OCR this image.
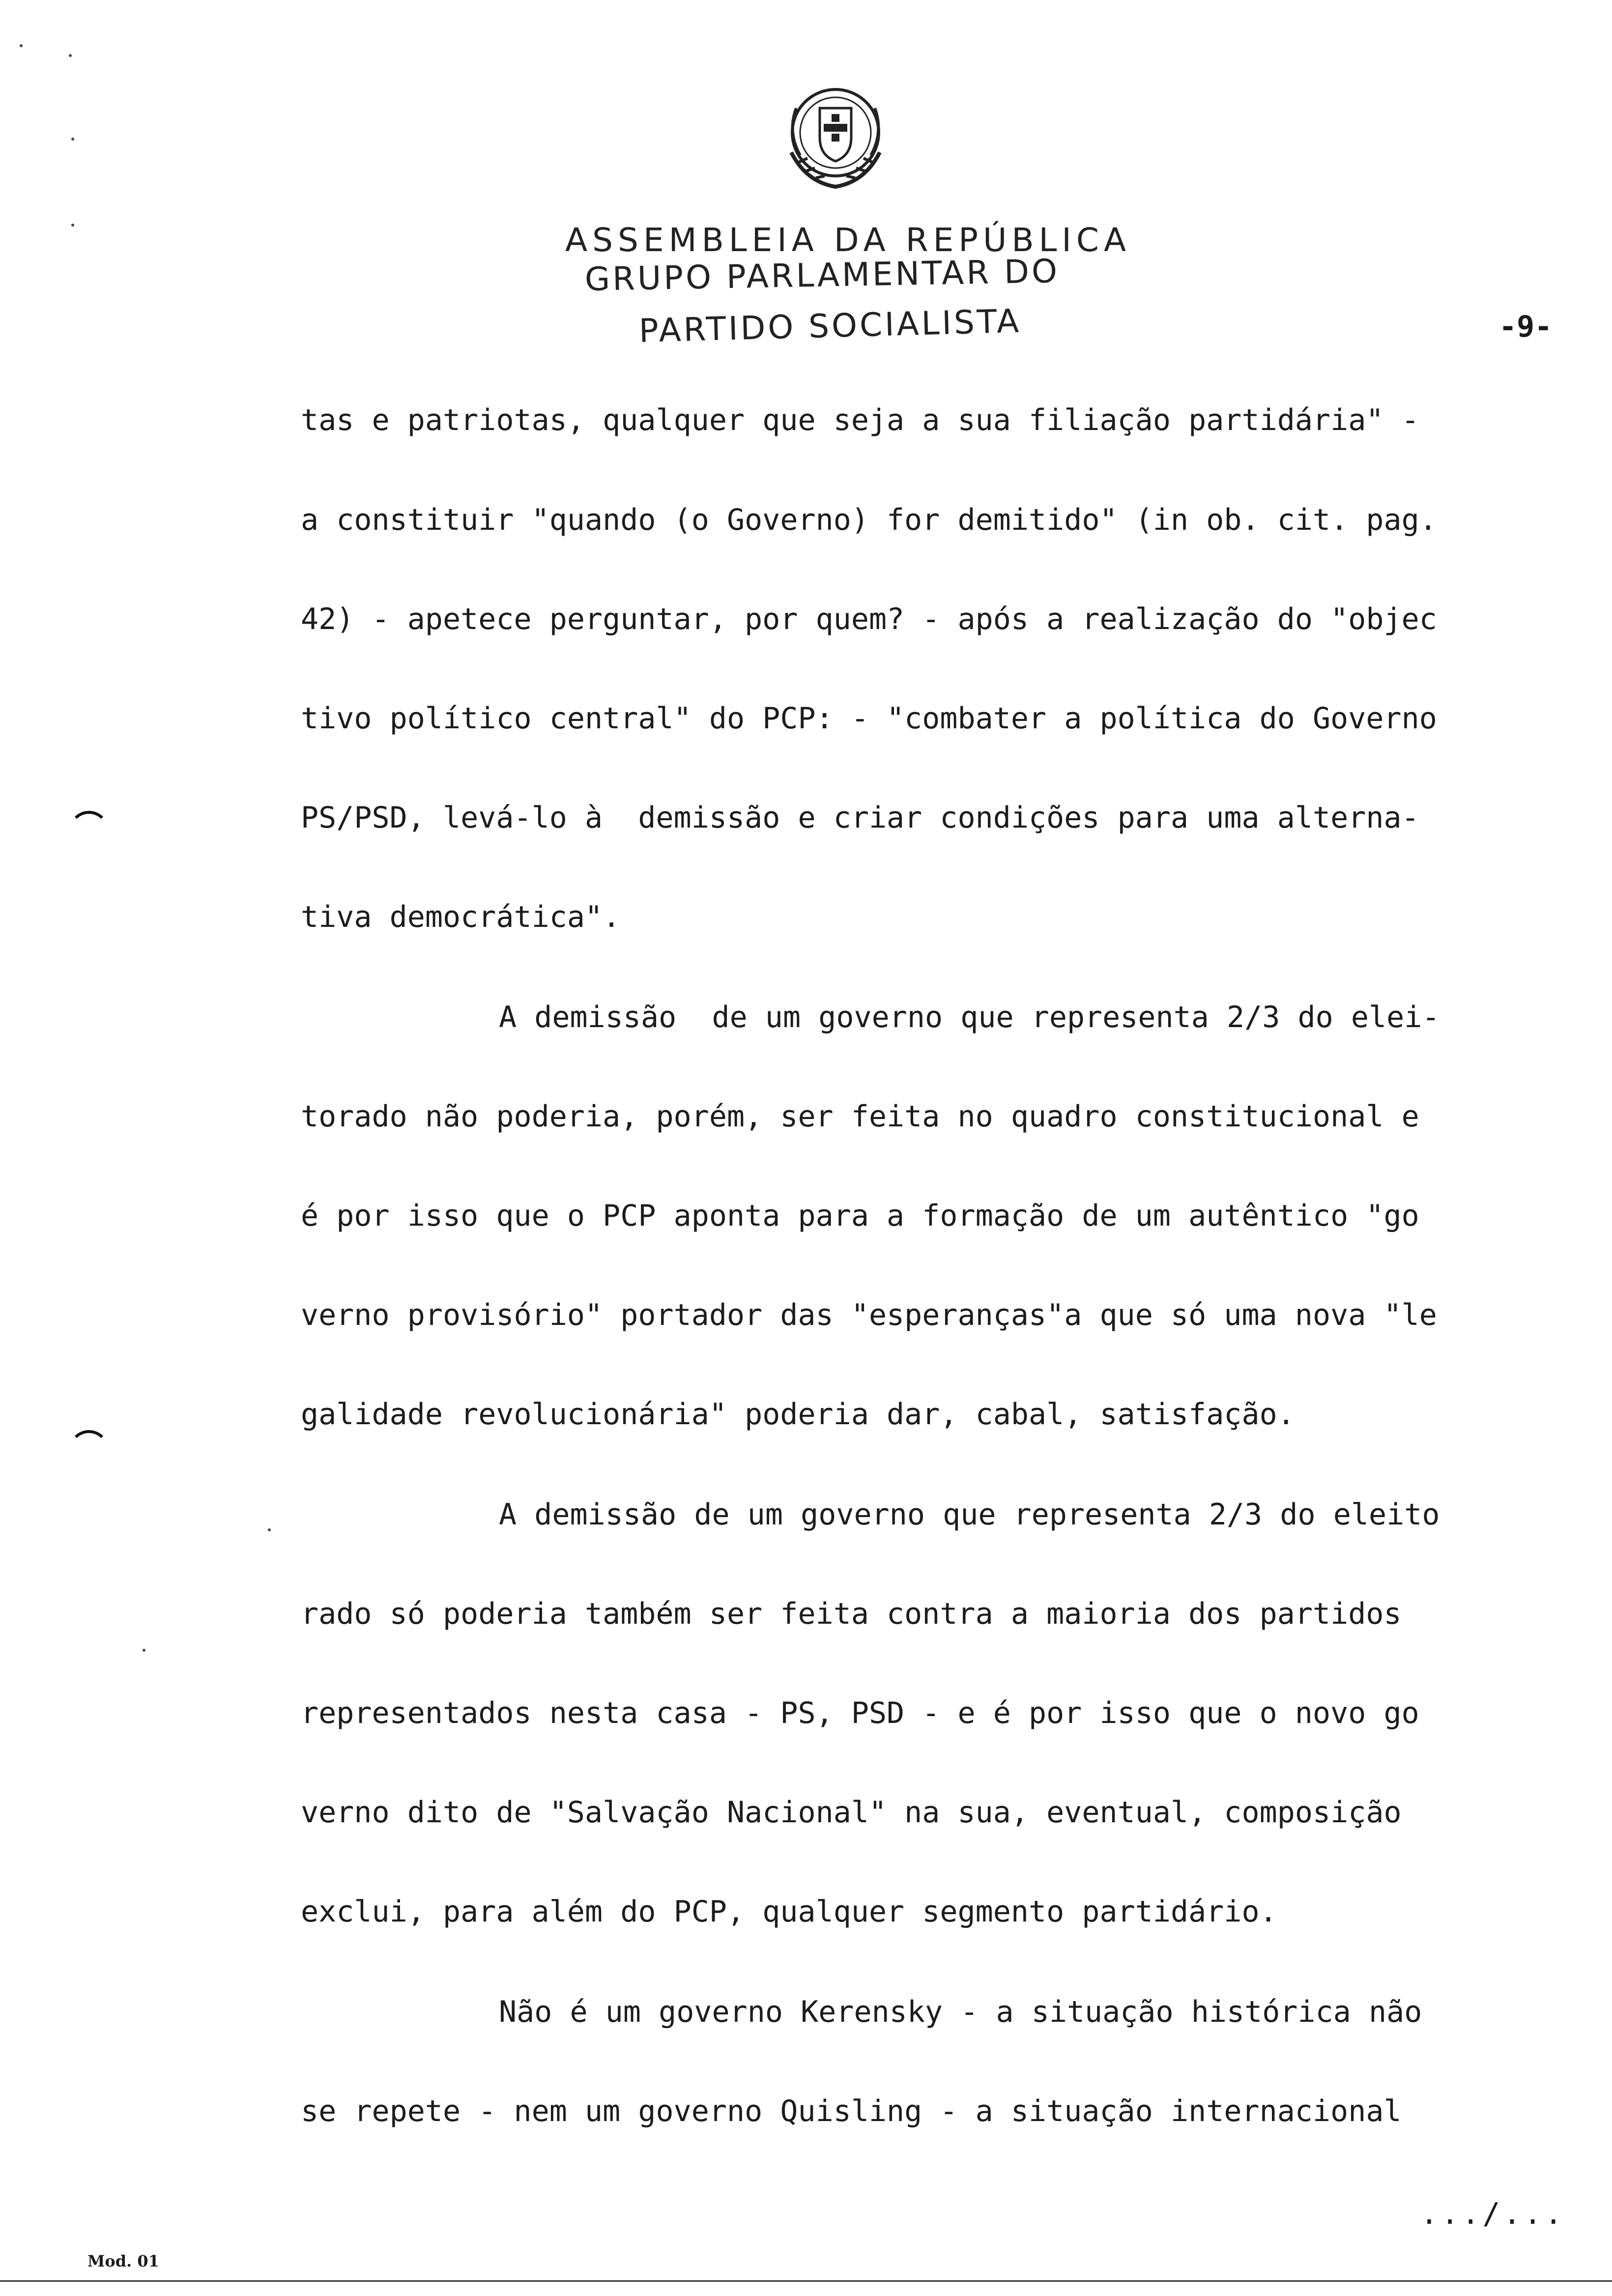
ASSEMBLEIA DA REPÚBLICA
GRUPO PARLAMENTAR DO
PARTIDO SOCIALISTA	-9-
tas e patriotas, qualquer que seja a sua filiação partidária" -
a constituir "quando (o Governo) for demitido" (in ob. cit. pag.
42) - apetece perguntar, por quem? - após a realização do "objec
tivo político central" do PCP: - "combater a política do Governo
PS/PSD, levá-lo à  demissão e criar condições para uma alterna-
tiva democrática".
A demissão  de um governo que representa 2/3 do elei-
torado não poderia, porém, ser feita no quadro constitucional e
é por isso que o PCP aponta para a formação de um autêntico "go
verno provisório" portador das "esperanças"a que só uma nova "le
galidade revolucionária" poderia dar, cabal, satisfação.
A demissão de um governo que representa 2/3 do eleito
rado só poderia também ser feita contra a maioria dos partidos
representados nesta casa - PS, PSD - e é por isso que o novo go
verno dito de "Salvação Nacional" na sua, eventual, composição
exclui, para além do PCP, qualquer segmento partidário.
Não é um governo Kerensky - a situação histórica não
se repete - nem um governo Quisling - a situação internacional
.../...
Mod. 01
